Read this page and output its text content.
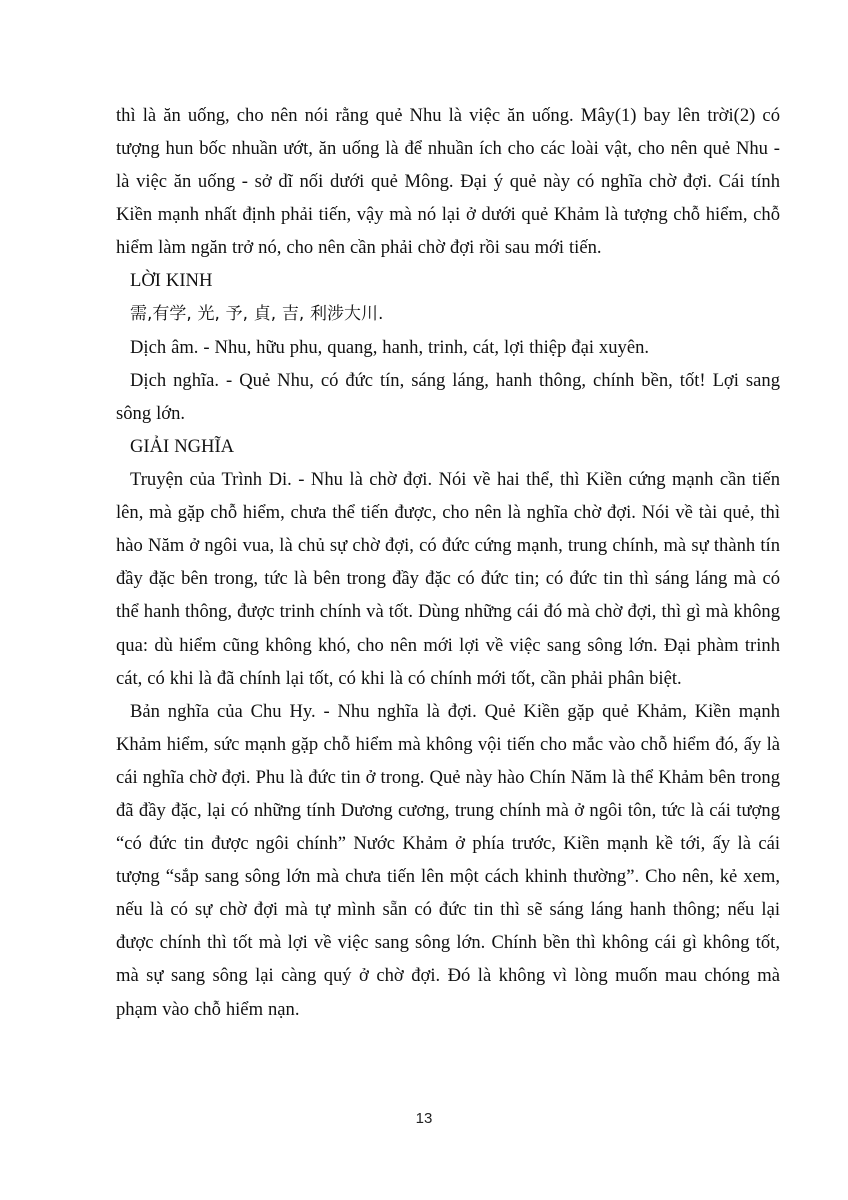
thì là ăn uống, cho nên nói rằng quẻ Nhu là việc ăn uống. Mây(1) bay lên trời(2) có tượng hun bốc nhuần ướt, ăn uống là để nhuần ích cho các loài vật, cho nên quẻ Nhu - là việc ăn uống - sở dĩ nối dưới quẻ Mông. Đại ý quẻ này có nghĩa chờ đợi. Cái tính Kiền mạnh nhất định phải tiến, vậy mà nó lại ở dưới quẻ Khảm là tượng chỗ hiểm, chỗ hiểm làm ngăn trở nó, cho nên cần phải chờ đợi rồi sau mới tiến.

LỜI KINH

需,有学, 光, 予, 貞, 吉, 利涉大川.

Dịch âm. - Nhu, hữu phu, quang, hanh, trinh, cát, lợi thiệp đại xuyên.

Dịch nghĩa. - Quẻ Nhu, có đức tín, sáng láng, hanh thông, chính bền, tốt! Lợi sang sông lớn.

GIẢI NGHĨA

Truyện của Trình Di. - Nhu là chờ đợi. Nói về hai thể, thì Kiền cứng mạnh cần tiến lên, mà gặp chỗ hiểm, chưa thể tiến được, cho nên là nghĩa chờ đợi. Nói về tài quẻ, thì hào Năm ở ngôi vua, là chủ sự chờ đợi, có đức cứng mạnh, trung chính, mà sự thành tín đầy đặc bên trong, tức là bên trong đầy đặc có đức tin; có đức tin thì sáng láng mà có thể hanh thông, được trinh chính và tốt. Dùng những cái đó mà chờ đợi, thì gì mà không qua: dù hiểm cũng không khó, cho nên mới lợi về việc sang sông lớn. Đại phàm trinh cát, có khi là đã chính lại tốt, có khi là có chính mới tốt, cần phải phân biệt.

Bản nghĩa của Chu Hy. - Nhu nghĩa là đợi. Quẻ Kiền gặp quẻ Khảm, Kiền mạnh Khảm hiểm, sức mạnh gặp chỗ hiểm mà không vội tiến cho mắc vào chỗ hiểm đó, ấy là cái nghĩa chờ đợi. Phu là đức tin ở trong. Quẻ này hào Chín Năm là thể Khảm bên trong đã đầy đặc, lại có những tính Dương cương, trung chính mà ở ngôi tôn, tức là cái tượng “có đức tin được ngôi chính” Nước Khảm ở phía trước, Kiền mạnh kề tới, ấy là cái tượng “sắp sang sông lớn mà chưa tiến lên một cách khinh thường”. Cho nên, kẻ xem, nếu là có sự chờ đợi mà tự mình sẵn có đức tin thì sẽ sáng láng hanh thông; nếu lại được chính thì tốt mà lợi về việc sang sông lớn. Chính bền thì không cái gì không tốt, mà sự sang sông lại càng quý ở chờ đợi. Đó là không vì lòng muốn mau chóng mà phạm vào chỗ hiểm nạn.

13
